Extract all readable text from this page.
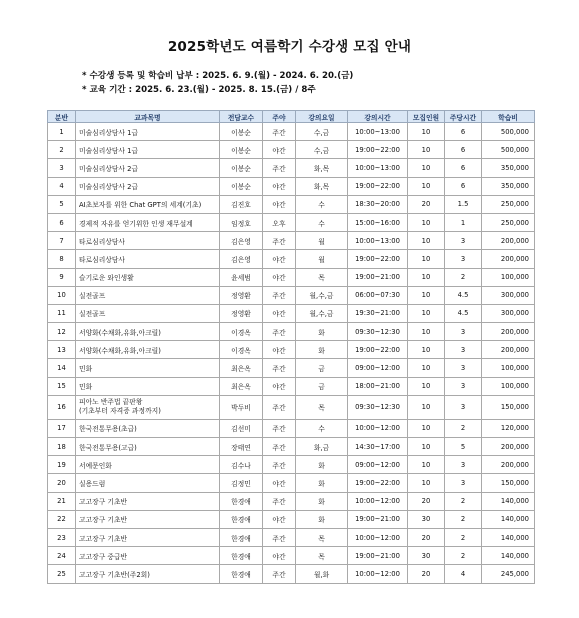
2025학년도 여름학기 수강생 모집 안내
* 수강생 등록 및 학습비 납부 : 2025. 6. 9.(월) - 2024. 6. 20.(금)
* 교육 기간 : 2025. 6. 23.(월) - 2025. 8. 15.(금) / 8주
분반	교과목명	전담교수	주야	강의요일	강의시간	모집인원	주당시간	학습비
1	미술심리상담사 1급	이봉순	주간	수,금	10:00~13:00	10	6	500,000
2	미술심리상담사 1급	이봉순	야간	수,금	19:00~22:00	10	6	500,000
3	미술심리상담사 2급	이봉순	주간	화,목	10:00~13:00	10	6	350,000
4	미술심리상담사 2급	이봉순	야간	화,목	19:00~22:00	10	6	350,000
5	AI초보자를 위한 Chat GPT의 세계(기초)	김진호	야간	수	18:30~20:00	20	1.5	250,000
6	경제적 자유를 얻기위한 인생 재무설계	임정호	오후	수	15:00~16:00	10	1	250,000
7	타로심리상담사	김은영	주간	월	10:00~13:00	10	3	200,000
8	타로심리상담사	김은영	야간	월	19:00~22:00	10	3	200,000
9	슬기로운 와인생활	윤세범	야간	목	19:00~21:00	10	2	100,000
10	실전골프	정영환	주간	월,수,금	06:00~07:30	10	4.5	300,000
11	실전골프	정영환	야간	월,수,금	19:30~21:00	10	4.5	300,000
12	서양화(수채화,유화,아크릴)	이경옥	주간	화	09:30~12:30	10	3	200,000
13	서양화(수채화,유화,아크릴)	이경옥	야간	화	19:00~22:00	10	3	200,000
14	민화	최은옥	주간	금	09:00~12:00	10	3	100,000
15	민화	최은옥	야간	금	18:00~21:00	10	3	100,000
16	피아노 반주법 끝판왕
(기초부터 자격증 과정까지)	박두비	주간	목	09:30~12:30	10	3	150,000
17	한국전통무용(초급)	김선미	주간	수	10:00~12:00	10	2	120,000
18	한국전통무용(고급)	장태연	주간	화,금	14:30~17:00	10	5	200,000
19	서예문인화	김수나	주간	화	09:00~12:00	10	3	200,000
20	실용드럼	김정민	야간	화	19:00~22:00	10	3	150,000
21	고고장구 기초반	한경애	주간	화	10:00~12:00	20	2	140,000
22	고고장구 기초반	한경애	야간	화	19:00~21:00	30	2	140,000
23	고고장구 기초반	한경애	주간	목	10:00~12:00	20	2	140,000
24	고고장구 중급반	한경애	야간	목	19:00~21:00	30	2	140,000
25	고고장구 기초반(주2회)	한경애	주간	월,화	10:00~12:00	20	4	245,000
